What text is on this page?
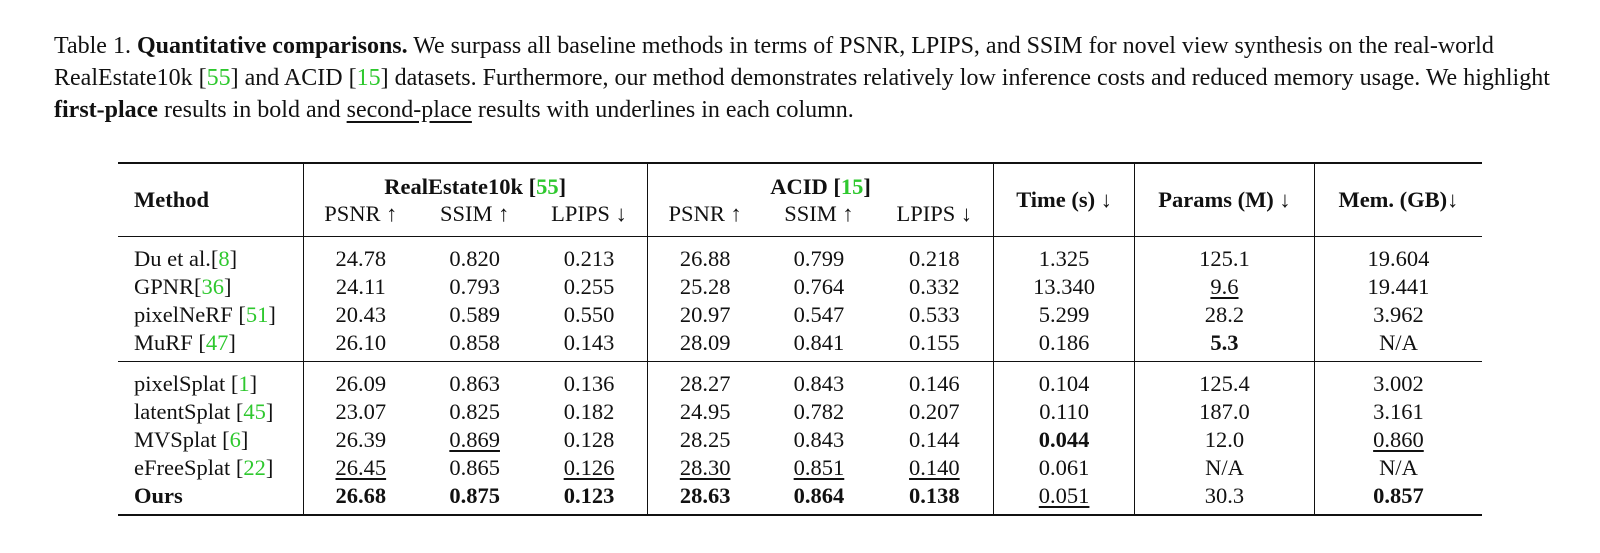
Table 1. Quantitative comparisons. We surpass all baseline methods in terms of PSNR, LPIPS, and SSIM for novel view synthesis on the real-world RealEstate10k [55] and ACID [15] datasets. Furthermore, our method demonstrates relatively low inference costs and reduced memory usage. We highlight first-place results in bold and second-place results with underlines in each column.
Method	RealEstate10k [55]			ACID [15]			Time (s) ↓	Params (M) ↓	Mem. (GB)↓
	PSNR ↑	SSIM ↑	LPIPS ↓	PSNR ↑	SSIM ↑	LPIPS ↓			
Du et al.[8]	24.78	0.820	0.213	26.88	0.799	0.218	1.325	125.1	19.604
GPNR[36]	24.11	0.793	0.255	25.28	0.764	0.332	13.340	9.6	19.441
pixelNeRF [51]	20.43	0.589	0.550	20.97	0.547	0.533	5.299	28.2	3.962
MuRF [47]	26.10	0.858	0.143	28.09	0.841	0.155	0.186	5.3	N/A
pixelSplat [1]	26.09	0.863	0.136	28.27	0.843	0.146	0.104	125.4	3.002
latentSplat [45]	23.07	0.825	0.182	24.95	0.782	0.207	0.110	187.0	3.161
MVSplat [6]	26.39	0.869	0.128	28.25	0.843	0.144	0.044	12.0	0.860
eFreeSplat [22]	26.45	0.865	0.126	28.30	0.851	0.140	0.061	N/A	N/A
Ours	26.68	0.875	0.123	28.63	0.864	0.138	0.051	30.3	0.857
